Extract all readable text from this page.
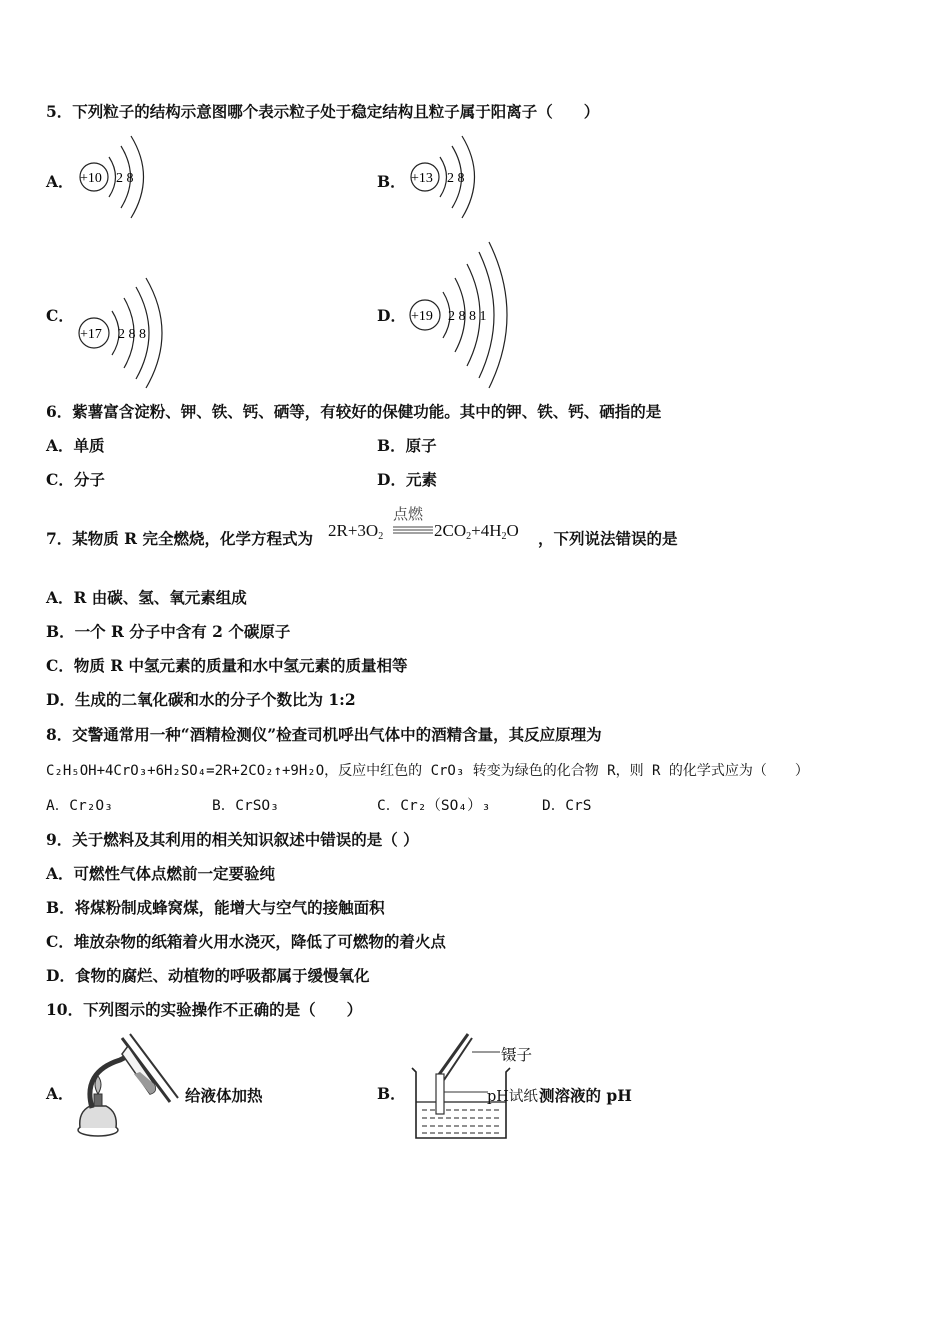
5．下列粒子的结构示意图哪个表示粒子处于稳定结构且粒子属于阳离子（　　）
A． +10 2 8	B． +13 2 8
C．
+17 2 8 8
D． +19 2 8 8 1
6．紫薯富含淀粉、钾、铁、钙、硒等，有较好的保健功能。其中的钾、铁、钙、硒指的是
A．单质	B．原子
C．分子	D．元素
7．某物质 R 完全燃烧，化学方程式为 $2R+3O_2$
点燃
$2CO_2+4H_2O$ ，下列说法错误的是
A．R 由碳、氢、氧元素组成
B．一个 R 分子中含有 2 个碳原子
C．物质 R 中氢元素的质量和水中氢元素的质量相等
D．生成的二氧化碳和水的分子个数比为 1:2
8．交警通常用一种“酒精检测仪”检查司机呼出气体中的酒精含量，其反应原理为
C₂H₅OH+4CrO₃+6H₂SO₄=2R+2CO₂↑+9H₂O，反应中红色的 CrO₃ 转变为绿色的化合物 R，则 R 的化学式应为（　　）
A．Cr₂O₃	B．CrSO₃	C．Cr₂（SO₄）₃	D．CrS
9．关于燃料及其利用的相关知识叙述中错误的是（ ）
A．可燃性气体点燃前一定要验纯
B．将煤粉制成蜂窝煤，能增大与空气的接触面积
C．堆放杂物的纸箱着火用水浇灭，降低了可燃物的着火点
D．食物的腐烂、动植物的呼吸都属于缓慢氧化
10．下列图示的实验操作不正确的是（　　）
A．	给液体加热	B．
镊子
pH试纸 测溶液的 pH
